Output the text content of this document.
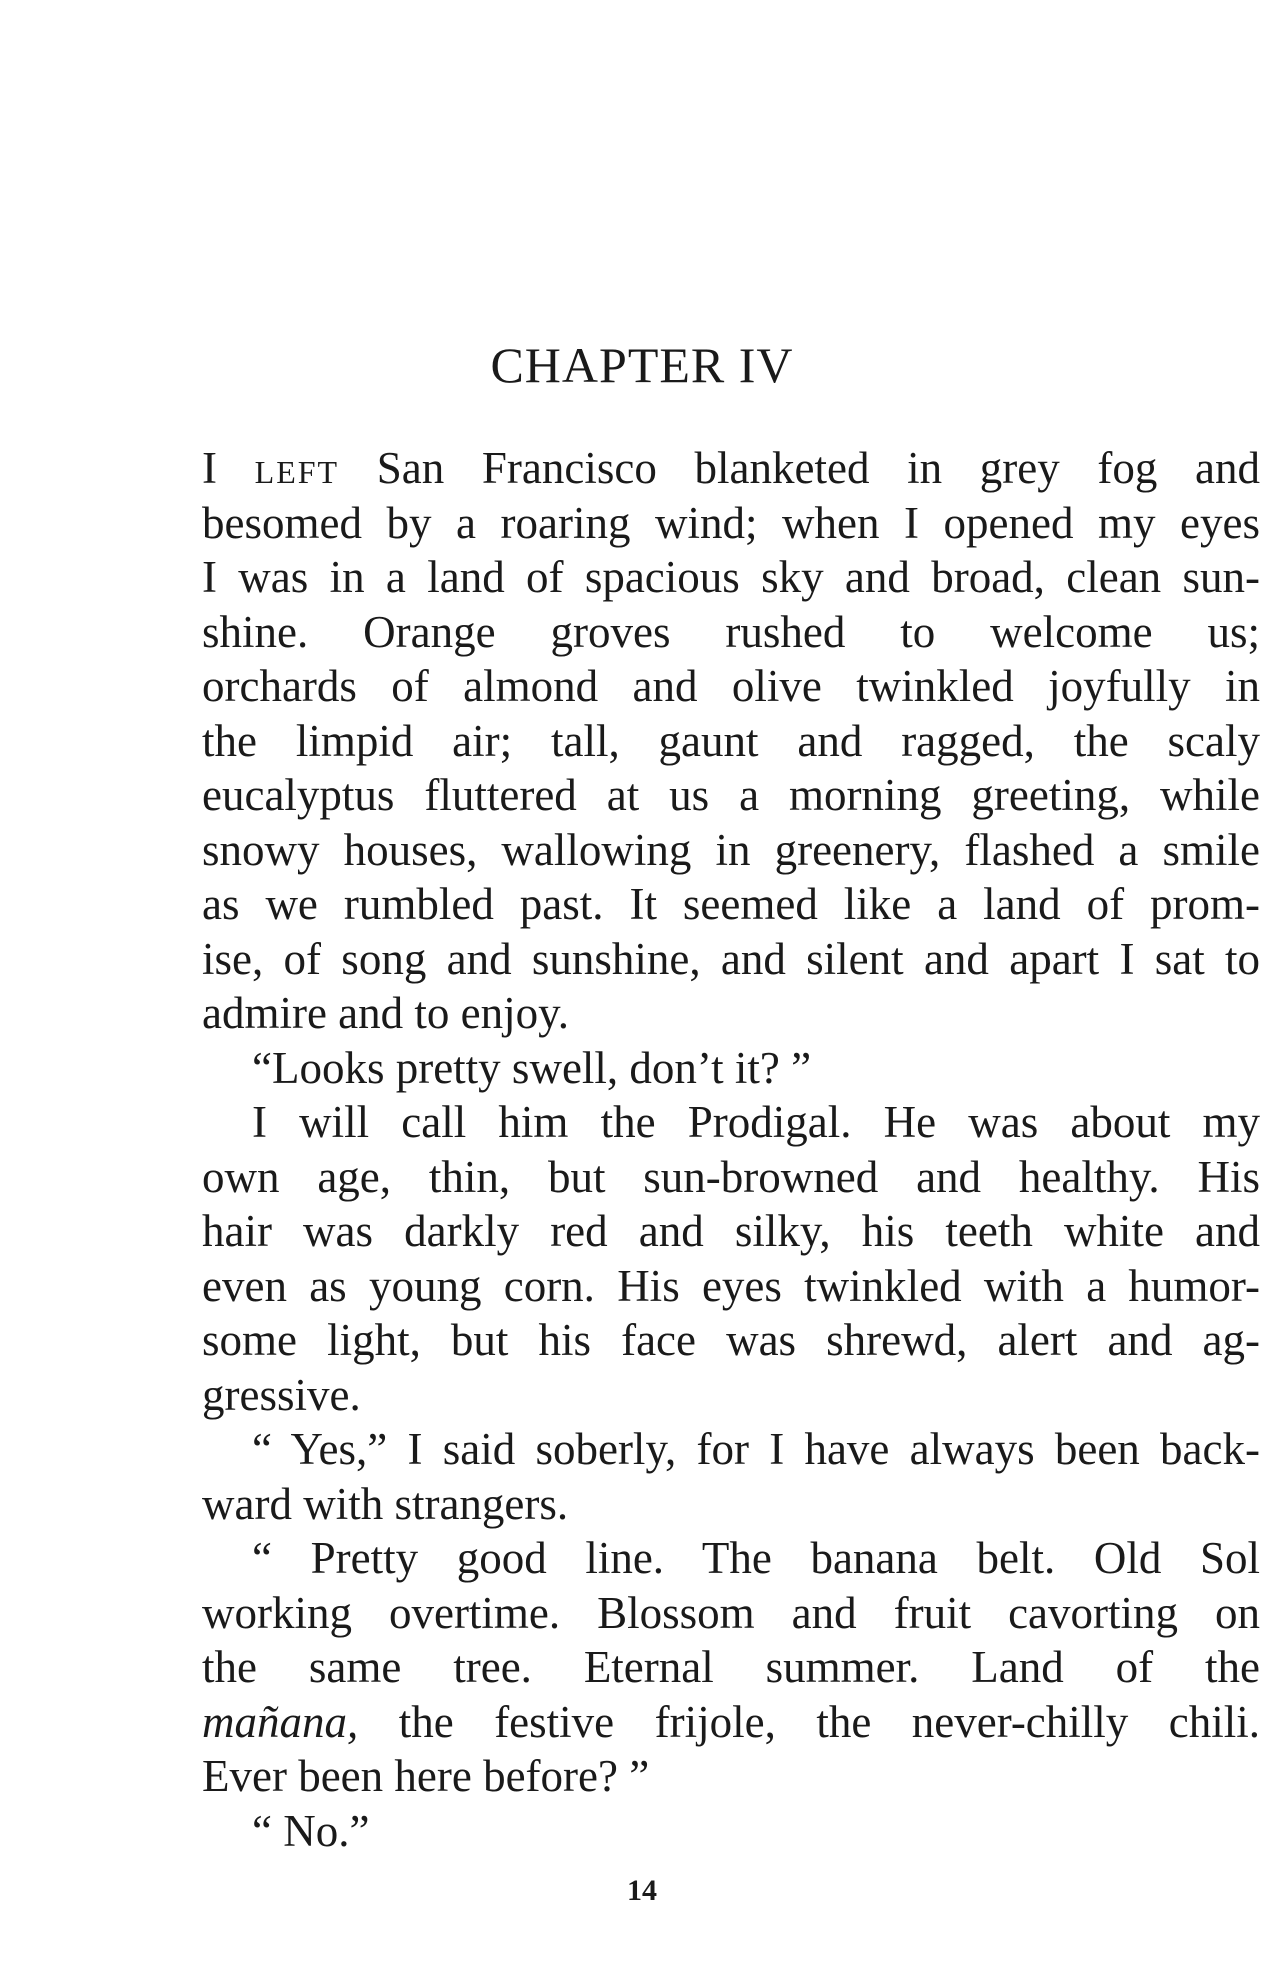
CHAPTER IV
I left San Francisco blanketed in grey fog and
besomed by a roaring wind; when I opened my eyes
I was in a land of spacious sky and broad, clean sun-
shine. Orange groves rushed to welcome us;
orchards of almond and olive twinkled joyfully in
the limpid air; tall, gaunt and ragged, the scaly
eucalyptus fluttered at us a morning greeting, while
snowy houses, wallowing in greenery, flashed a smile
as we rumbled past. It seemed like a land of prom-
ise, of song and sunshine, and silent and apart I sat to
admire and to enjoy.
“Looks pretty swell, don’t it? ”
I will call him the Prodigal. He was about my
own age, thin, but sun-browned and healthy. His
hair was darkly red and silky, his teeth white and
even as young corn. His eyes twinkled with a humor-
some light, but his face was shrewd, alert and ag-
gressive.
“ Yes,” I said soberly, for I have always been back-
ward with strangers.
“ Pretty good line. The banana belt. Old Sol
working overtime. Blossom and fruit cavorting on
the same tree. Eternal summer. Land of the
mañana, the festive frijole, the never-chilly chili.
Ever been here before? ”
“ No.”
14
